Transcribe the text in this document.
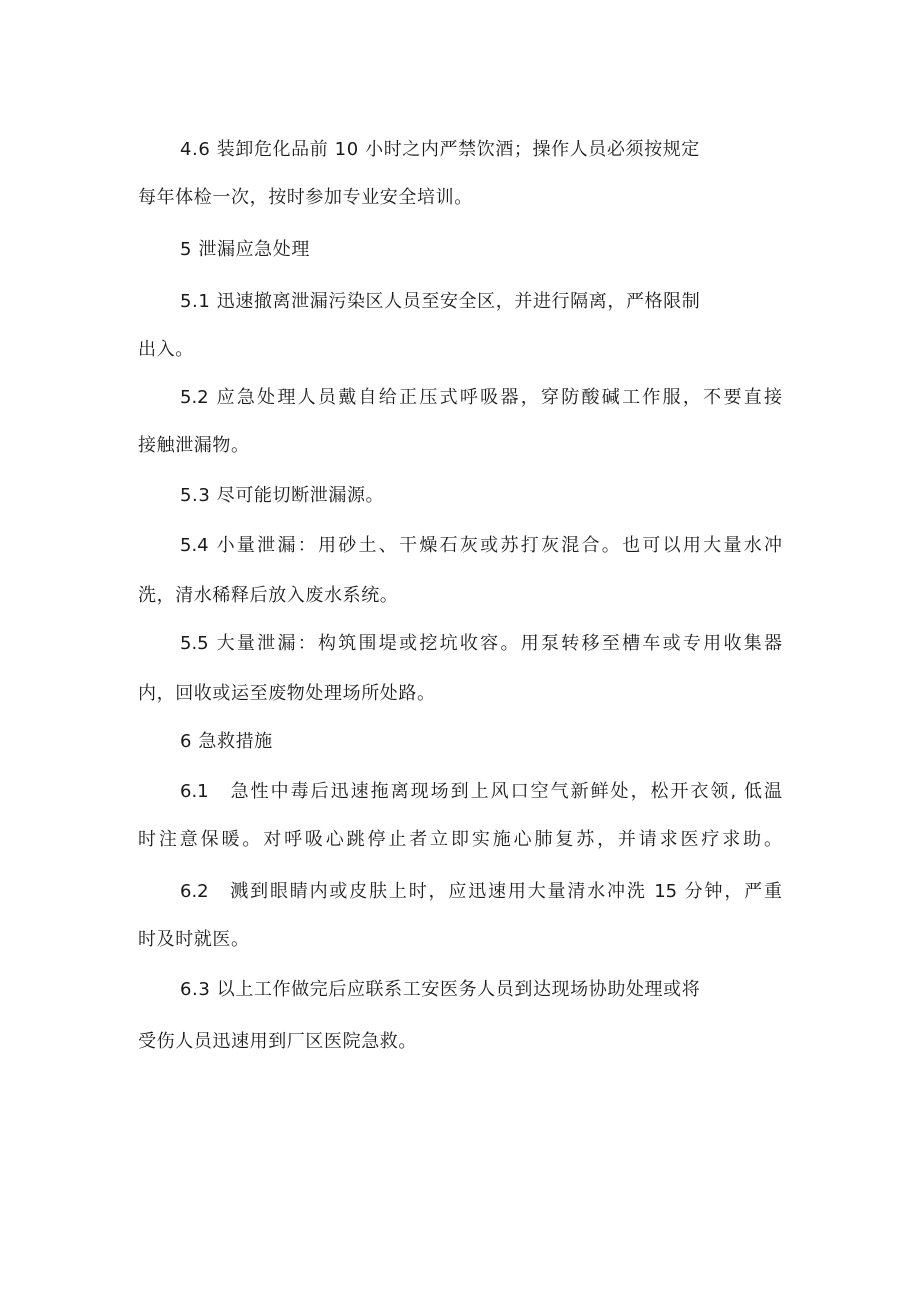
4.6 装卸危化品前 10 小时之内严禁饮酒；操作人员必须按规定
每年体检一次，按时参加专业安全培训。
5 泄漏应急处理
5.1 迅速撤离泄漏污染区人员至安全区，并进行隔离，严格限制
出入。
5.2 应急处理人员戴自给正压式呼吸器，穿防酸碱工作服，不要直接
接触泄漏物。
5.3 尽可能切断泄漏源。
5.4 小量泄漏：用砂土、干燥石灰或苏打灰混合。也可以用大量水冲
洗，清水稀释后放入废水系统。
5.5 大量泄漏：构筑围堤或挖坑收容。用泵转移至槽车或专用收集器
内，回收或运至废物处理场所处路。
6 急救措施
6.1　急性中毒后迅速拖离现场到上风口空气新鲜处，松开衣领, 低温
时注意保暖。对呼吸心跳停止者立即实施心肺复苏，并请求医疗求助。
6.2　溅到眼睛内或皮肤上时，应迅速用大量清水冲洗 15 分钟，严重
时及时就医。
6.3 以上工作做完后应联系工安医务人员到达现场协助处理或将
受伤人员迅速用到厂区医院急救。
